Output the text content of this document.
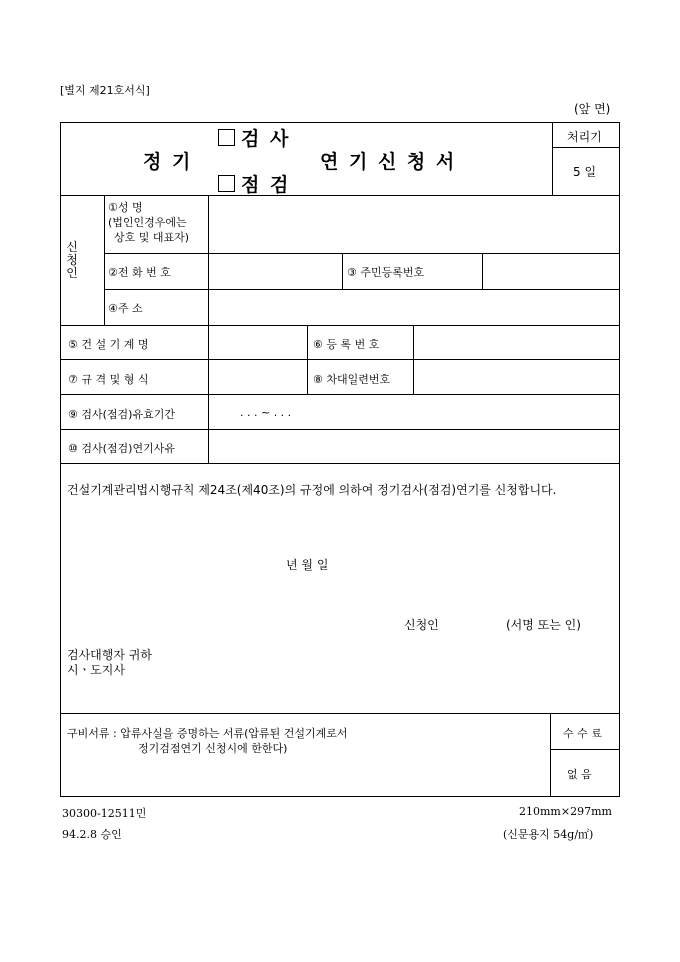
[별지 제21호서식]
(앞 면)
정 기
검 사
점 검
연 기 신 청 서
처리기
5 일
신청인
①성 명
(법인인경우에는
상호 및 대표자)
②전 화 번 호	③ 주민등록번호
④주 소
⑤ 건 설 기 계 명	⑥ 등 록 번 호
⑦ 규 격 및 형 식	⑧ 차대일련번호
⑨ 검사(점검)유효기간	. . . ~ . . .
⑩ 검사(점검)연기사유
건설기계관리법시행규칙 제24조(제40조)의 규정에 의하여 정기검사(점검)연기를 신청합니다.
년 월 일
신청인	(서명 또는 인)
검사대행자 귀하
시ㆍ도지사
구비서류 : 압류사실을 증명하는 서류(압류된 건설기계로서
정기검점연기 신청시에 한한다)
수 수 료
없 음
30300-12511민
94.2.8 승인
210mm×297mm
(신문용지 54g/㎡)
